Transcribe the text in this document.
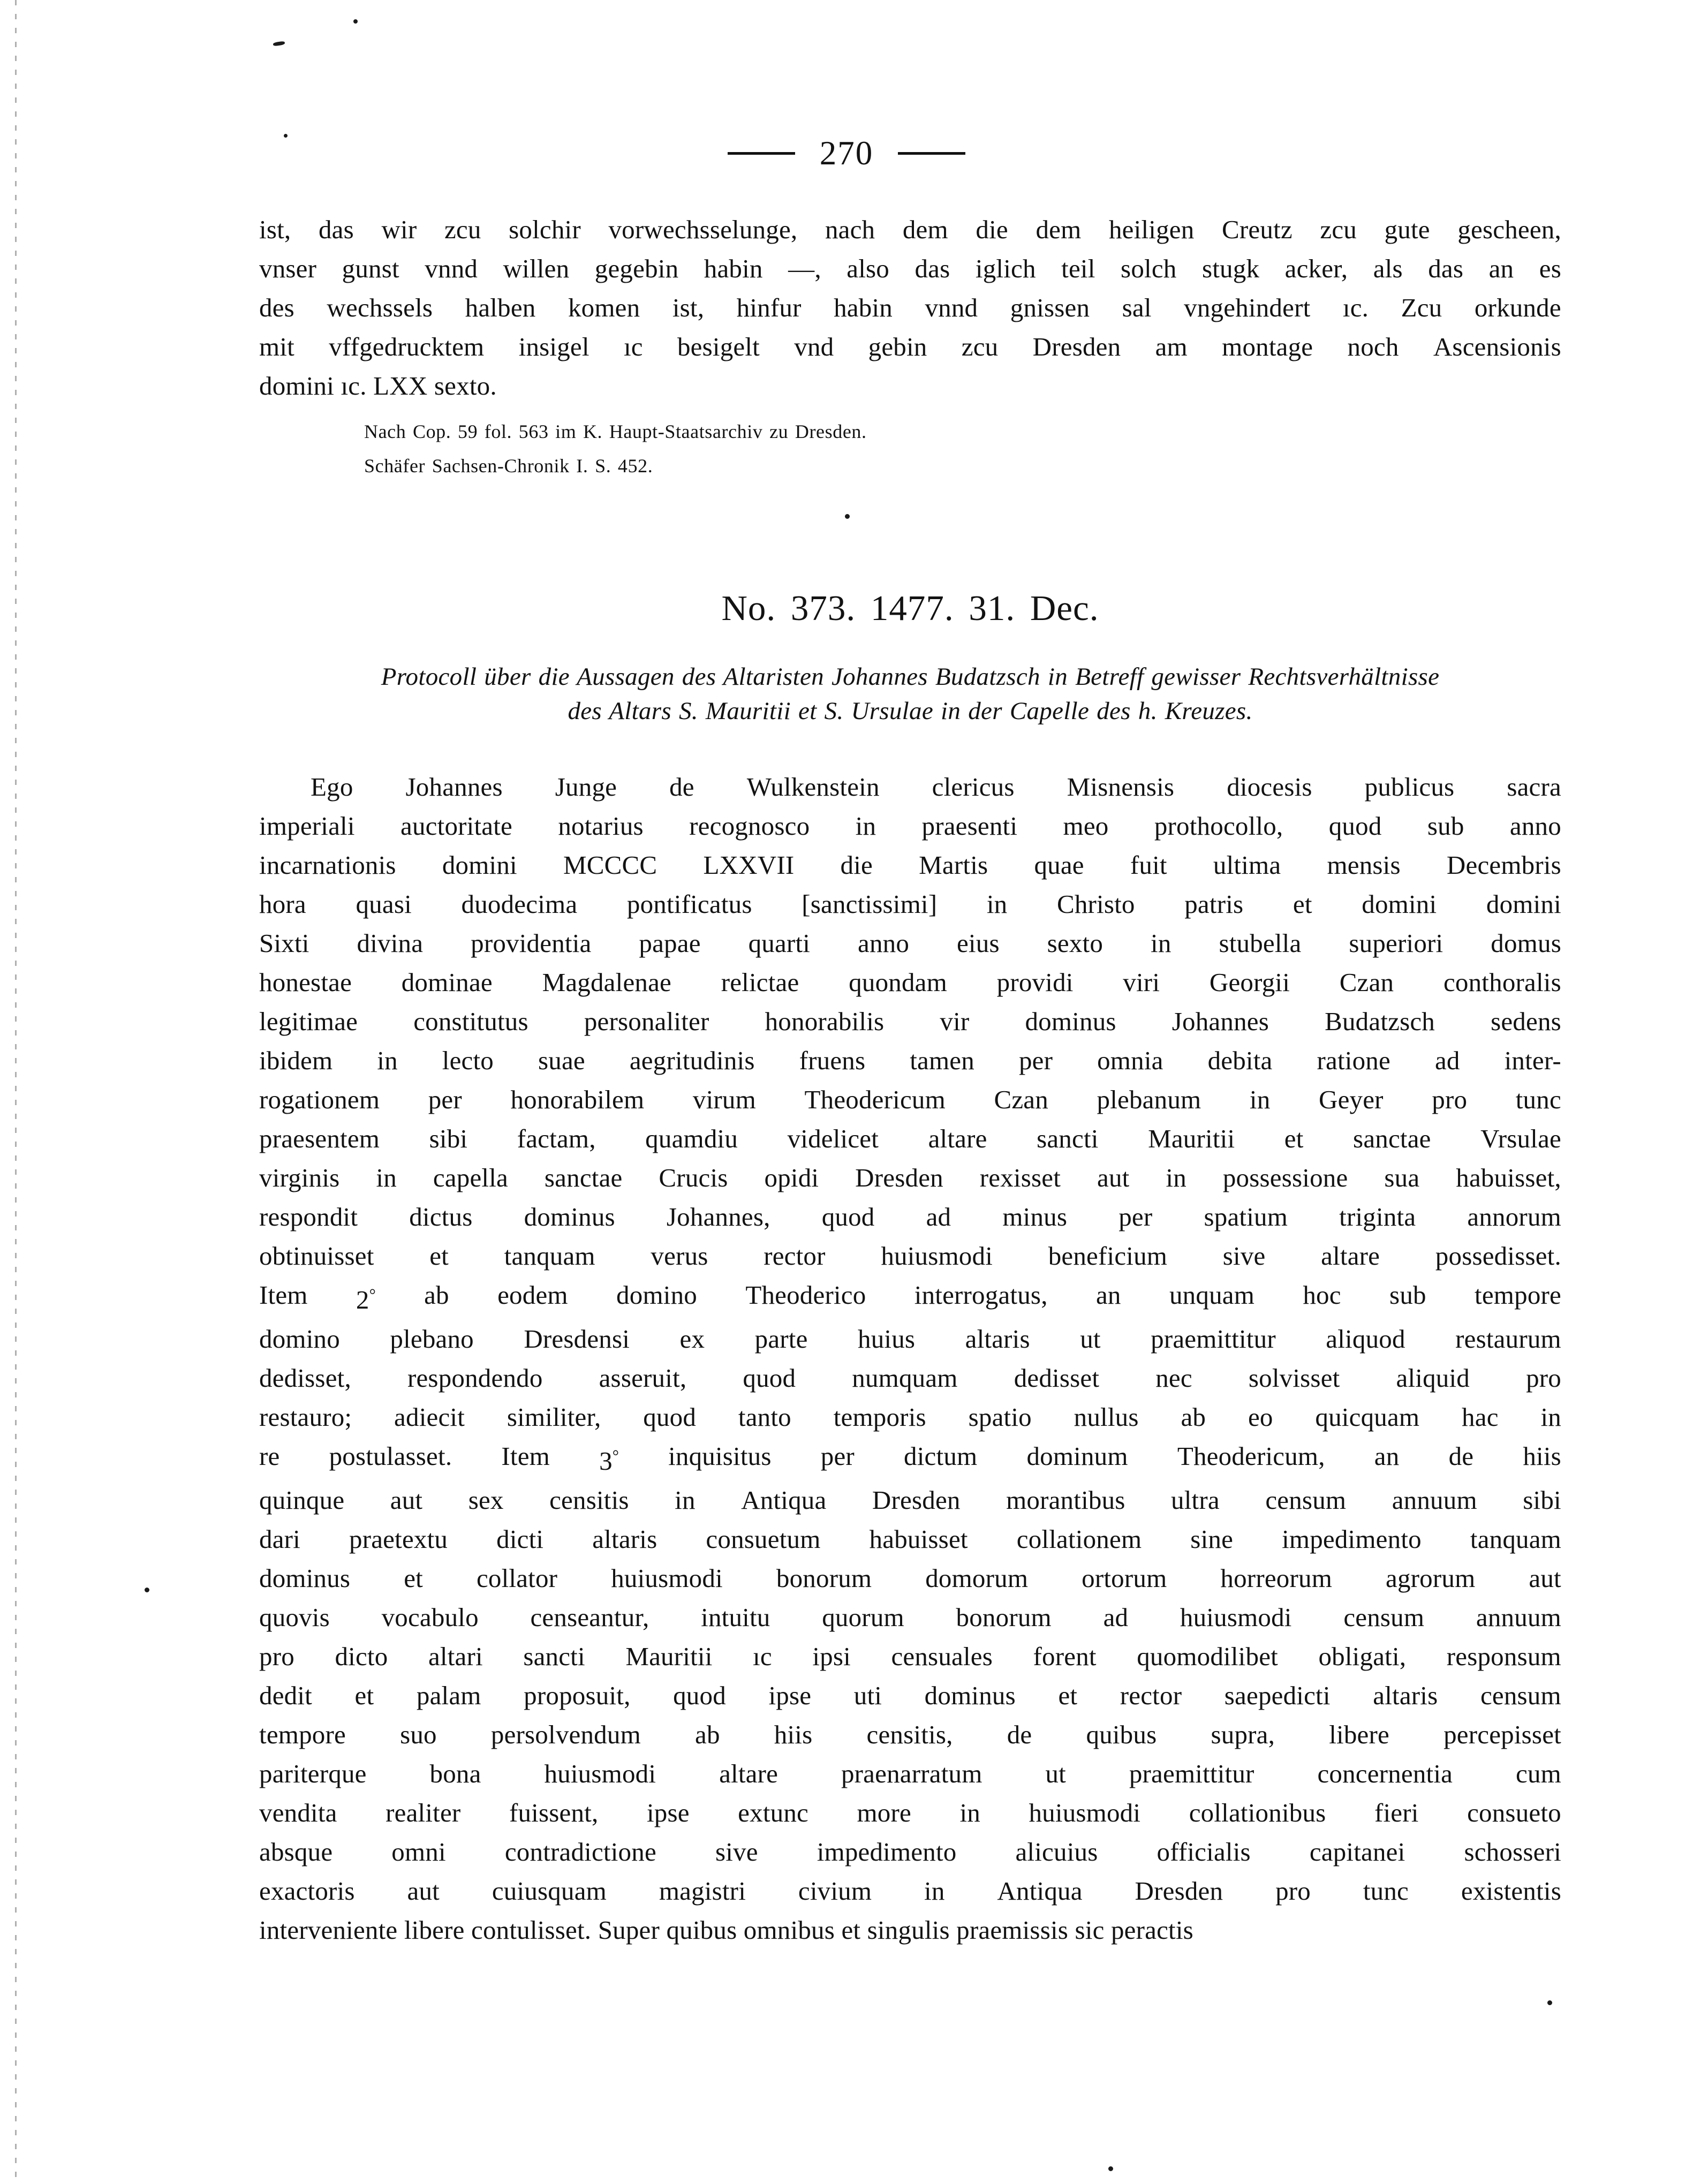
270
ist, das wir zcu solchir vorwechsselunge, nach dem die dem heiligen Creutz zcu gute gescheen,
vnser gunst vnnd willen gegebin habin —, also das iglich teil solch stugk acker, als das an es
des wechssels halben komen ist, hinfur habin vnnd gnissen sal vngehindert ıc. Zcu orkunde
mit vffgedrucktem insigel ıc besigelt vnd gebin zcu Dresden am montage noch Ascensionis
domini ıc. LXX sexto.
Nach Cop. 59 fol. 563 im K. Haupt-Staatsarchiv zu Dresden.
Schäfer Sachsen-Chronik I. S. 452.
No. 373. 1477. 31. Dec.
Protocoll über die Aussagen des Altaristen Johannes Budatzsch in Betreff gewisser Rechtsverhältnisse
des Altars S. Mauritii et S. Ursulae in der Capelle des h. Kreuzes.
Ego Johannes Junge de Wulkenstein clericus Misnensis diocesis publicus sacra
imperiali auctoritate notarius recognosco in praesenti meo prothocollo, quod sub anno
incarnationis domini MCCCC LXXVII die Martis quae fuit ultima mensis Decembris
hora quasi duodecima pontificatus [sanctissimi] in Christo patris et domini domini
Sixti divina providentia papae quarti anno eius sexto in stubella superiori domus
honestae dominae Magdalenae relictae quondam providi viri Georgii Czan conthoralis
legitimae constitutus personaliter honorabilis vir dominus Johannes Budatzsch sedens
ibidem in lecto suae aegritudinis fruens tamen per omnia debita ratione ad inter-
rogationem per honorabilem virum Theodericum Czan plebanum in Geyer pro tunc
praesentem sibi factam, quamdiu videlicet altare sancti Mauritii et sanctae Vrsulae
virginis in capella sanctae Crucis opidi Dresden rexisset aut in possessione sua habuisset,
respondit dictus dominus Johannes, quod ad minus per spatium triginta annorum
obtinuisset et tanquam verus rector huiusmodi beneficium sive altare possedisset.
Item 2° ab eodem domino Theoderico interrogatus, an unquam hoc sub tempore
domino plebano Dresdensi ex parte huius altaris ut praemittitur aliquod restaurum
dedisset, respondendo asseruit, quod numquam dedisset nec solvisset aliquid pro
restauro; adiecit similiter, quod tanto temporis spatio nullus ab eo quicquam hac in
re postulasset. Item 3° inquisitus per dictum dominum Theodericum, an de hiis
quinque aut sex censitis in Antiqua Dresden morantibus ultra censum annuum sibi
dari praetextu dicti altaris consuetum habuisset collationem sine impedimento tanquam
dominus et collator huiusmodi bonorum domorum ortorum horreorum agrorum aut
quovis vocabulo censeantur, intuitu quorum bonorum ad huiusmodi censum annuum
pro dicto altari sancti Mauritii ıc ipsi censuales forent quomodilibet obligati, responsum
dedit et palam proposuit, quod ipse uti dominus et rector saepedicti altaris censum
tempore suo persolvendum ab hiis censitis, de quibus supra, libere percepisset
pariterque bona huiusmodi altare praenarratum ut praemittitur concernentia cum
vendita realiter fuissent, ipse extunc more in huiusmodi collationibus fieri consueto
absque omni contradictione sive impedimento alicuius officialis capitanei schosseri
exactoris aut cuiusquam magistri civium in Antiqua Dresden pro tunc existentis
interveniente libere contulisset. Super quibus omnibus et singulis praemissis sic peractis
